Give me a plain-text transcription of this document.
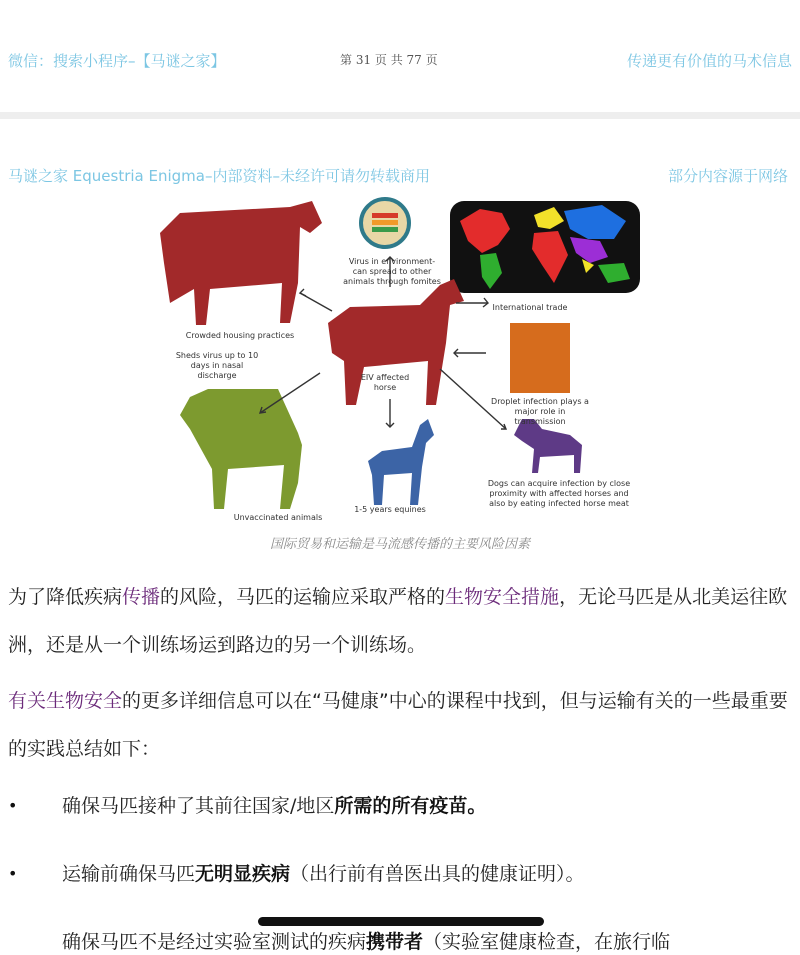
微信：搜索小程序–【马谜之家】	第 31 页 共 77 页	传递更有价值的马术信息
马谜之家 Equestria Enigma–内部资料–未经许可请勿转载商用	部分内容源于网络
Virus in environment- can spread to other animals through fomites
International trade
Crowded housing practices
Sheds virus up to 10 days in nasal discharge	EIV affected horse
Droplet infection plays a major role in transmission
Dogs can acquire infection by close proximity with affected horses and also by eating infected horse meat
Unvaccinated animals
1-5 years equines
国际贸易和运输是马流感传播的主要风险因素
为了降低疾病传播的风险，马匹的运输应采取严格的生物安全措施，无论马匹是从北美运往欧洲，还是从一个训练场运到路边的另一个训练场。
有关生物安全的更多详细信息可以在“马健康”中心的课程中找到，但与运输有关的一些最重要的实践总结如下：
• 确保马匹接种了其前往国家/地区所需的所有疫苗。
• 运输前确保马匹无明显疾病（出行前有兽医出具的健康证明）。
确保马匹不是经过实验室测试的疾病携带者（实验室健康检查，在旅行临
